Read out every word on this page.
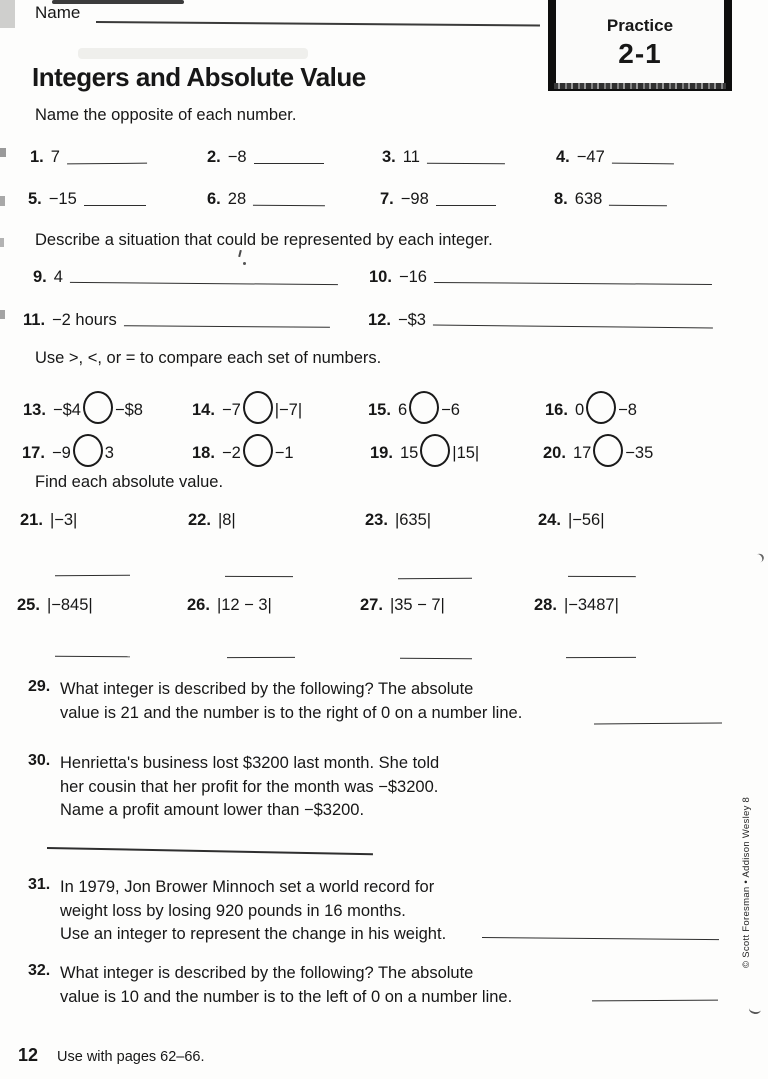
Name
Practice
2-1
Integers and Absolute Value
Name the opposite of each number.
1. 7	2. −8	3. 11	4. −47
5. −15	6. 28	7. −98	8. 638
Describe a situation that could be represented by each integer.
9. 4	10. −16
11. −2 hours	12. −$3
Use >, <, or = to compare each set of numbers.
13. −$4 −$8	14. −7 |−7|	15. 6 −6	16. 0 −8
17. −9 3	18. −2 −1	19. 15 |15|	20. 17 −35
Find each absolute value.
21. |−3|	22. |8|	23. |635|	24. |−56|
25. |−845|	26. |12 − 3|	27. |35 − 7|	28. |−3487|
29. What integer is described by the following? The absolute
value is 21 and the number is to the right of 0 on a number line.
30. Henrietta's business lost $3200 last month. She told
her cousin that her profit for the month was −$3200.
Name a profit amount lower than −$3200.
31. In 1979, Jon Brower Minnoch set a world record for
weight loss by losing 920 pounds in 16 months.
Use an integer to represent the change in his weight.
32. What integer is described by the following? The absolute
value is 10 and the number is to the left of 0 on a number line.
© Scott Foresman • Addison Wesley 8
12 Use with pages 62–66.
